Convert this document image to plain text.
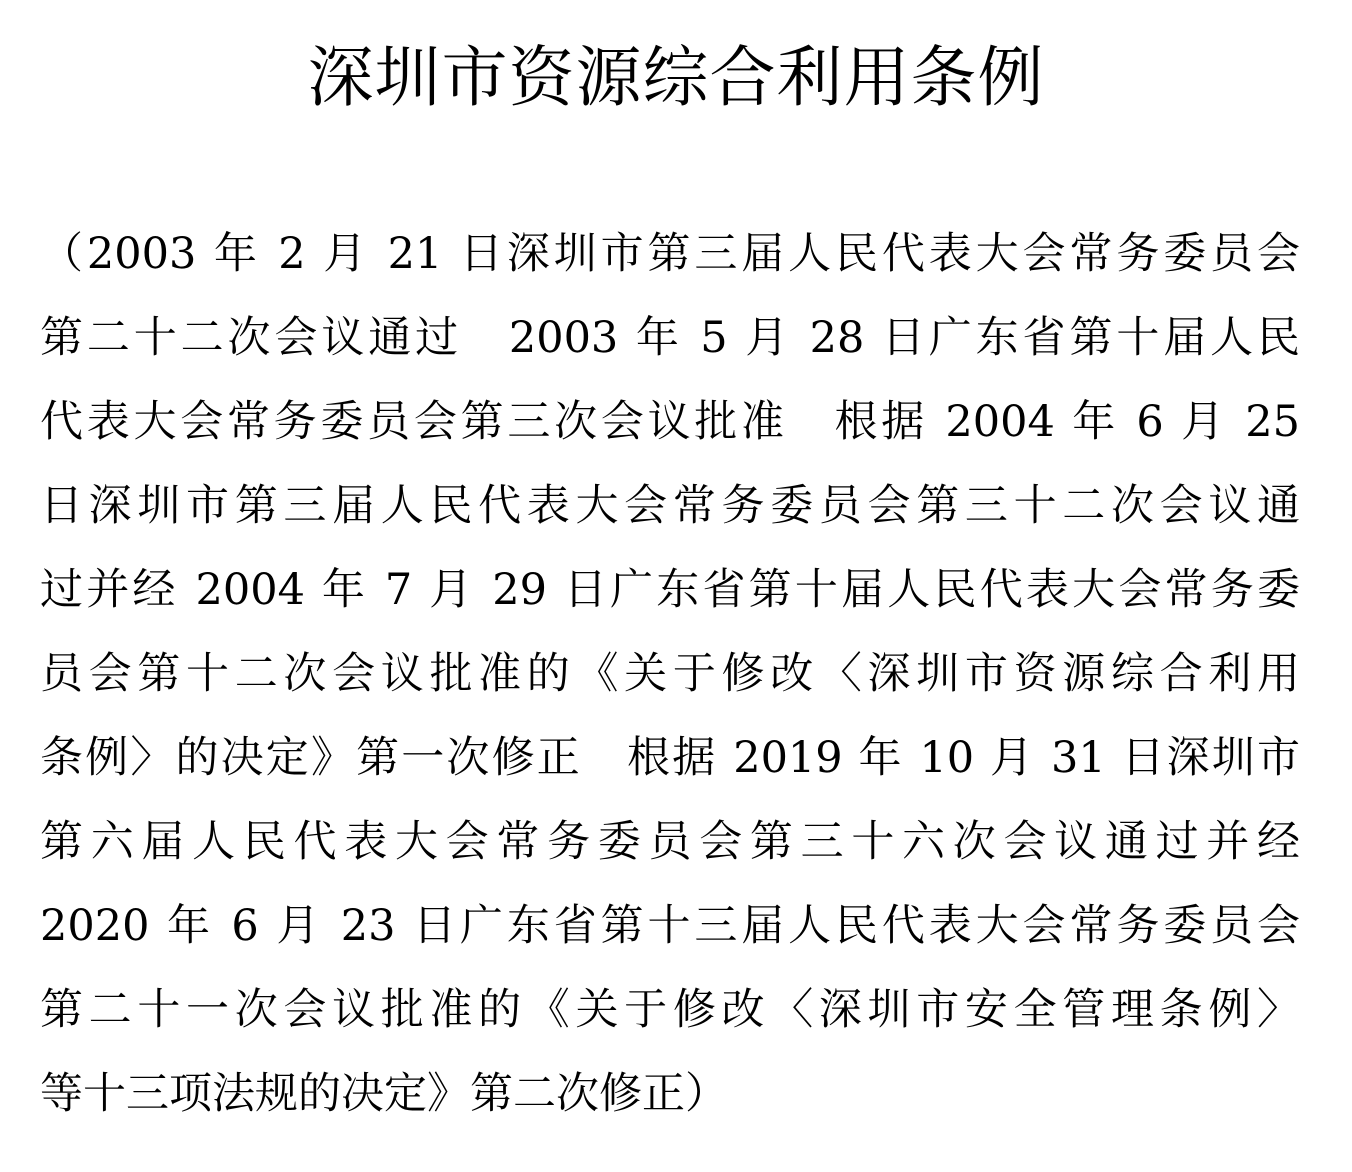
深圳市资源综合利用条例
（2003 年 2 月 21 日深圳市第三届人民代表大会常务委员会
第二十二次会议通过　2003 年 5 月 28 日广东省第十届人民
代表大会常务委员会第三次会议批准　根据 2004 年 6 月 25
日深圳市第三届人民代表大会常务委员会第三十二次会议通
过并经 2004 年 7 月 29 日广东省第十届人民代表大会常务委
员会第十二次会议批准的《关于修改〈深圳市资源综合利用
条例〉的决定》第一次修正　根据 2019 年 10 月 31 日深圳市
第六届人民代表大会常务委员会第三十六次会议通过并经
2020 年 6 月 23 日广东省第十三届人民代表大会常务委员会
第二十一次会议批准的《关于修改〈深圳市安全管理条例〉
等十三项法规的决定》第二次修正）
